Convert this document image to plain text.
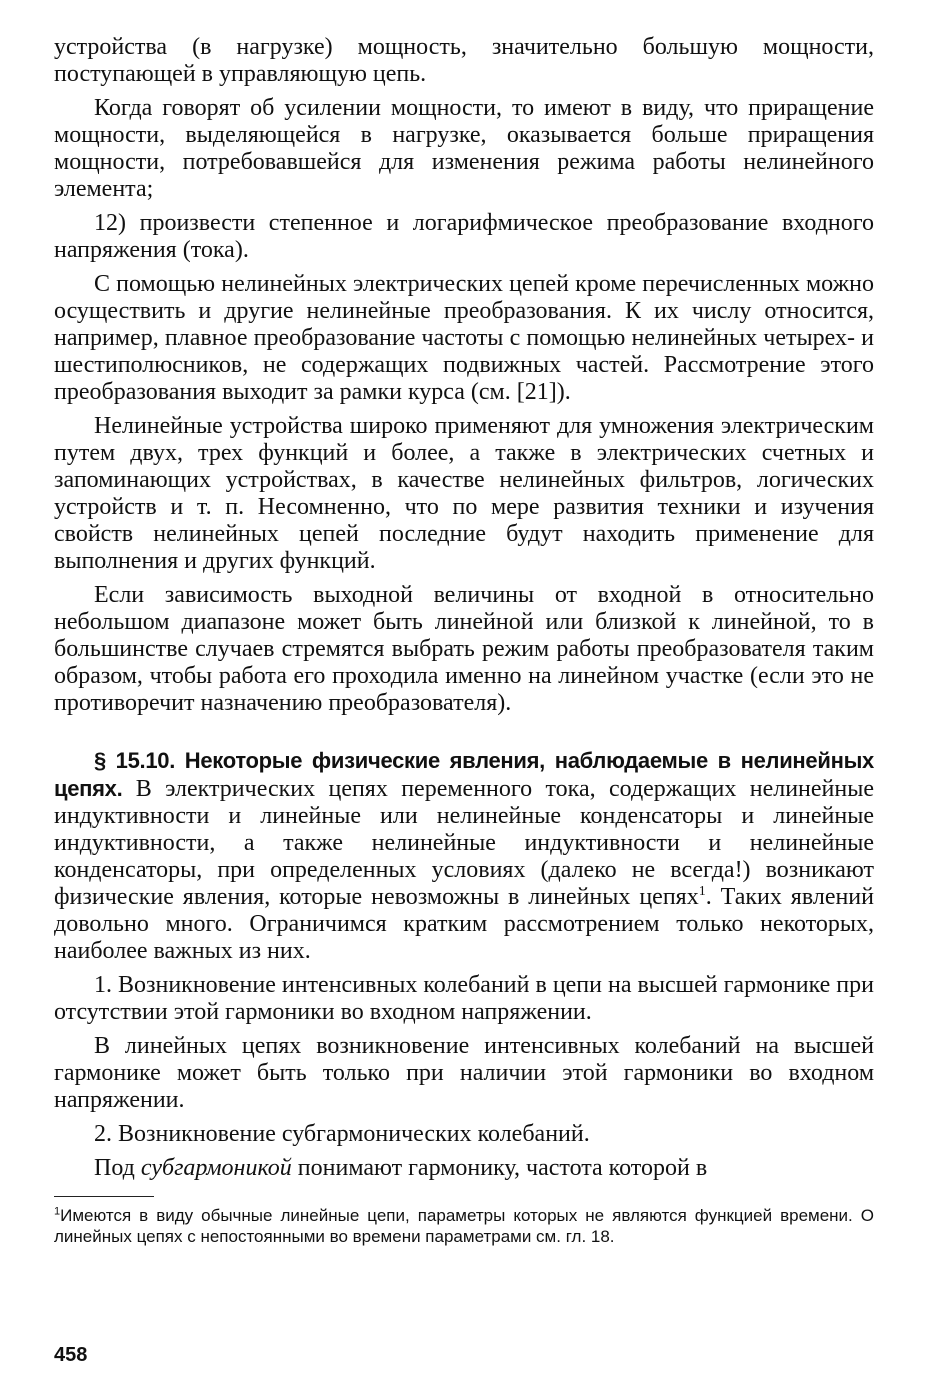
устройства (в нагрузке) мощность, значительно большую мощности, поступающей в управляющую цепь.

Когда говорят об усилении мощности, то имеют в виду, что приращение мощности, выделяющейся в нагрузке, оказывается больше приращения мощности, потребовавшейся для изменения режима работы нелинейного элемента;

12) произвести степенное и логарифмическое преобразование входного напряжения (тока).

С помощью нелинейных электрических цепей кроме перечисленных можно осуществить и другие нелинейные преобразования. К их числу относится, например, плавное преобразование частоты с помощью нелинейных четырех- и шестиполюсников, не содержащих подвижных частей. Рассмотрение этого преобразования выходит за рамки курса (см. [21]).

Нелинейные устройства широко применяют для умножения электрическим путем двух, трех функций и более, а также в электрических счетных и запоминающих устройствах, в качестве нелинейных фильтров, логических устройств и т. п. Несомненно, что по мере развития техники и изучения свойств нелинейных цепей последние будут находить применение для выполнения и других функций.

Если зависимость выходной величины от входной в относительно небольшом диапазоне может быть линейной или близкой к линейной, то в большинстве случаев стремятся выбрать режим работы преобразователя таким образом, чтобы работа его проходила именно на линейном участке (если это не противоречит назначению преобразователя).

§ 15.10. Некоторые физические явления, наблюдаемые в нелинейных цепях. В электрических цепях переменного тока, содержащих нелинейные индуктивности и линейные или нелинейные конденсаторы и линейные индуктивности, а также нелинейные индуктивности и нелинейные конденсаторы, при определенных условиях (далеко не всегда!) возникают физические явления, которые невозможны в линейных цепях$^1$. Таких явлений довольно много. Ограничимся кратким рассмотрением только некоторых, наиболее важных из них.

1. Возникновение интенсивных колебаний в цепи на высшей гармонике при отсутствии этой гармоники во входном напряжении.

В линейных цепях возникновение интенсивных колебаний на высшей гармонике может быть только при наличии этой гармоники во входном напряжении.

2. Возникновение субгармонических колебаний.

Под субгармоникой понимают гармонику, частота которой в

$^1$Имеются в виду обычные линейные цепи, параметры которых не являются функцией времени. О линейных цепях с непостоянными во времени параметрами см. гл. 18.

458
